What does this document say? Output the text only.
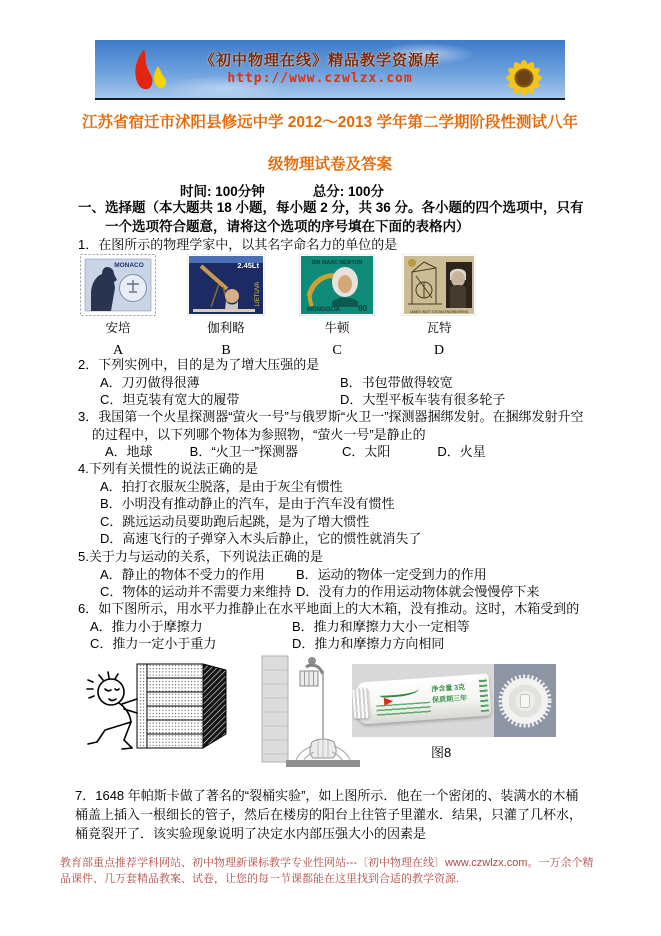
《初中物理在线》精品教学资源库
http://www.czwlzx.com
江苏省宿迁市沭阳县修远中学 2012～2013 学年第二学期阶段性测试八年
级物理试卷及答案
时间: 100分钟	总分: 100分
一、选择题（本大题共 18 小题，每小题 2 分，共 36 分。各小题的四个选项中，只有
一个选项符合题意，请将这个选项的序号填在下面的表格内）
1．在图所示的物理学家中，以其名字命名力的单位的是
MONACO
安培
A
2.45Lt
LIETUVA
伽利略
B
SIR ISAAC NEWTON
MONGOLIA 60
牛顿
C
JAMES WATT STEAM ENGINEERING
瓦特
D
2．下列实例中，目的是为了增大压强的是
A．刀刃做得很薄	B．书包带做得较宽
C．坦克装有宽大的履带	D．大型平板车装有很多轮子
3．我国第一个火星探测器“萤火一号”与俄罗斯“火卫一”探测器捆绑发射。在捆绑发射升空的过程中，以下列哪个物体为参照物，“萤火一号”是静止的
A．地球	B．“火卫一”探测器	C．太阳	D．火星
4.下列有关惯性的说法正确的是
A．拍打衣服灰尘脱落，是由于灰尘有惯性
B．小明没有推动静止的汽车，是由于汽车没有惯性
C．跳远运动员要助跑后起跳，是为了增大惯性
D．高速飞行的子弹穿入木头后静止，它的惯性就消失了
5.关于力与运动的关系，下列说法正确的是
A．静止的物体不受力的作用	B．运动的物体一定受到力的作用
C．物体的运动并不需要力来维持 D．没有力的作用运动物体就会慢慢停下来
6．如下图所示，用水平力推静止在水平地面上的大木箱，没有推动。这时，木箱受到的
A．推力小于摩擦力	B．推力和摩擦力大小一定相等
C．推力一定小于重力	D．推力和摩擦力方向相同
净含量 3克
保质期三年
图8
7．1648 年帕斯卡做了著名的“裂桶实验”，如上图所示．他在一个密闭的、装满水的木桶桶盖上插入一根细长的管子，然后在楼房的阳台上往管子里灌水．结果，只灌了几杯水，桶竟裂开了．该实验现象说明了决定水内部压强大小的因素是
教育部重点推荐学科网站、初中物理新课标教学专业性网站---〔初中物理在线〕www.czwlzx.com。一万余个精品课件、几万套精品教案、试卷，让您的每一节课都能在这里找到合适的教学资源.
